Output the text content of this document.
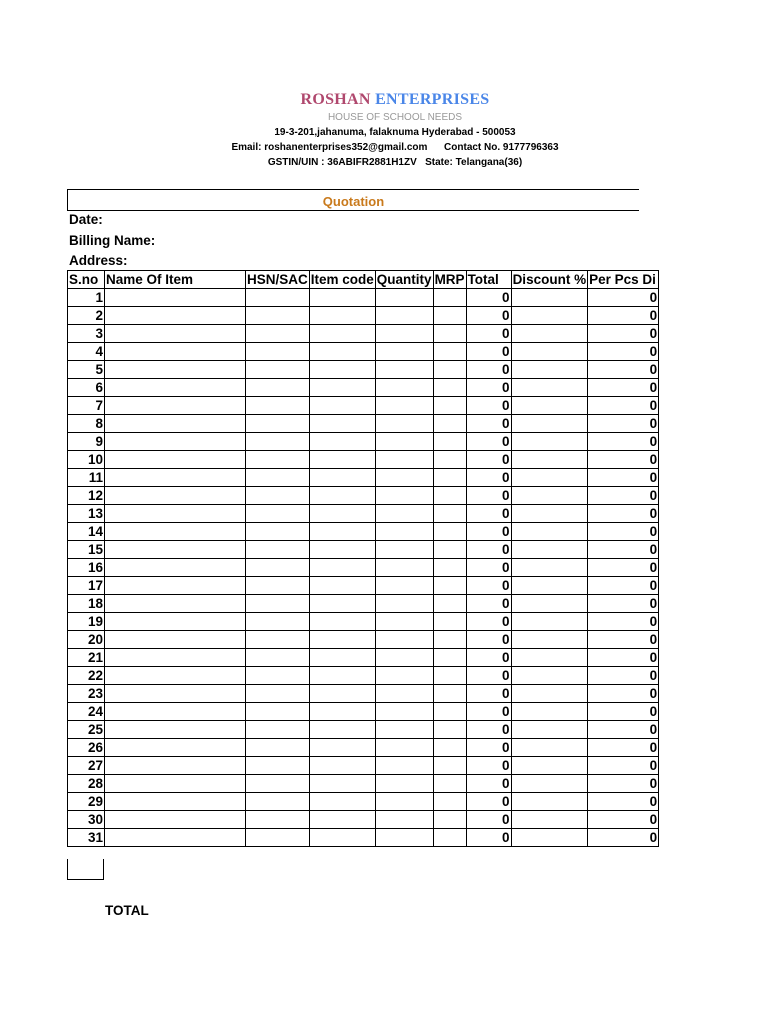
ROSHAN ENTERPRISES
HOUSE OF SCHOOL NEEDS
19-3-201,jahanuma, falaknuma Hyderabad - 500053
Email: roshanenterprises352@gmail.com      Contact No. 9177796363
GSTIN/UIN : 36ABIFR2881H1ZV   State: Telangana(36)
Quotation
Date:
Billing Name:
Address:
S.no	Name Of Item	HSN/SAC	Item code	Quantity	MRP	Total	Discount %	Per Pcs Di
1						0		0
2						0		0
3						0		0
4						0		0
5						0		0
6						0		0
7						0		0
8						0		0
9						0		0
10						0		0
11						0		0
12						0		0
13						0		0
14						0		0
15						0		0
16						0		0
17						0		0
18						0		0
19						0		0
20						0		0
21						0		0
22						0		0
23						0		0
24						0		0
25						0		0
26						0		0
27						0		0
28						0		0
29						0		0
30						0		0
31						0		0
TOTAL
